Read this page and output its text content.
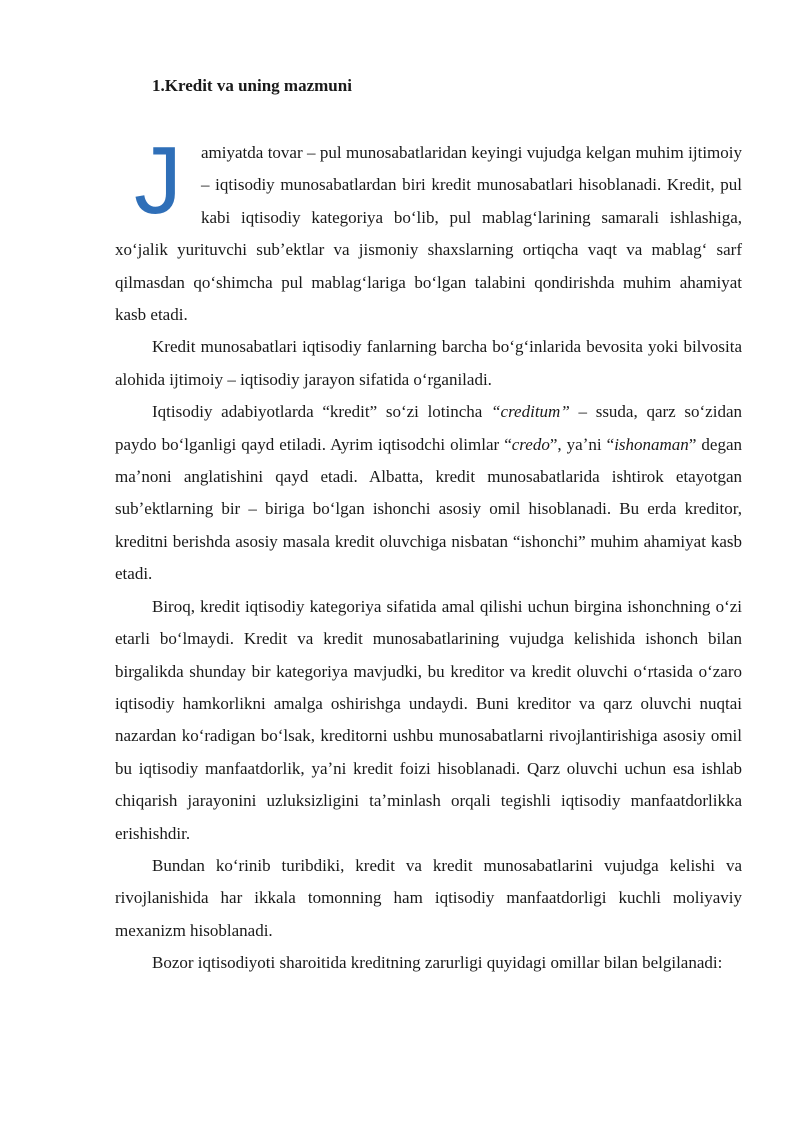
1.Kredit va uning mazmuni

J	amiyatda tovar – pul munosabatlaridan keyingi vujudga kelgan muhim ijtimoiy – iqtisodiy munosabatlardan biri kredit munosabatlari hisoblanadi. Kredit, pul kabi iqtisodiy kategoriya boʻlib, pul mablagʻlarining samarali ishlashiga, xoʻjalik yurituvchi subʼektlar va jismoniy shaxslarning ortiqcha vaqt va mablagʻ sarf qilmasdan qoʻshimcha pul mablagʻlariga boʻlgan talabini qondirishda muhim ahamiyat kasb etadi.

Kredit munosabatlari iqtisodiy fanlarning barcha boʻgʻinlarida bevosita yoki bilvosita alohida ijtimoiy – iqtisodiy jarayon sifatida oʻrganiladi.

Iqtisodiy adabiyotlarda “kredit” soʻzi lotincha “creditum” – ssuda, qarz soʻzidan paydo boʻlganligi qayd etiladi. Ayrim iqtisodchi olimlar “credo”, yaʼni “ishonaman” degan maʼnoni anglatishini qayd etadi. Albatta, kredit munosabatlarida ishtirok etayotgan subʼektlarning bir – biriga boʻlgan ishonchi asosiy omil hisoblanadi. Bu erda kreditor, kreditni berishda asosiy masala kredit oluvchiga nisbatan “ishonchi” muhim ahamiyat kasb etadi.

Biroq, kredit iqtisodiy kategoriya sifatida amal qilishi uchun birgina ishonchning oʻzi etarli boʻlmaydi. Kredit va kredit munosabatlarining vujudga kelishida ishonch bilan birgalikda shunday bir kategoriya mavjudki, bu kreditor va kredit oluvchi oʻrtasida oʻzaro iqtisodiy hamkorlikni amalga oshirishga undaydi. Buni kreditor va qarz oluvchi nuqtai nazardan koʻradigan boʻlsak, kreditorni ushbu munosabatlarni rivojlantirishiga asosiy omil bu iqtisodiy manfaatdorlik, yaʼni kredit foizi hisoblanadi. Qarz oluvchi uchun esa ishlab chiqarish jarayonini uzluksizligini taʼminlash orqali tegishli iqtisodiy manfaatdorlikka erishishdir.

Bundan koʻrinib turibdiki, kredit va kredit munosabatlarini vujudga kelishi va rivojlanishida har ikkala tomonning ham iqtisodiy manfaatdorligi kuchli moliyaviy mexanizm hisoblanadi.

Bozor iqtisodiyoti sharoitida kreditning zarurligi quyidagi omillar bilan belgilanadi:
